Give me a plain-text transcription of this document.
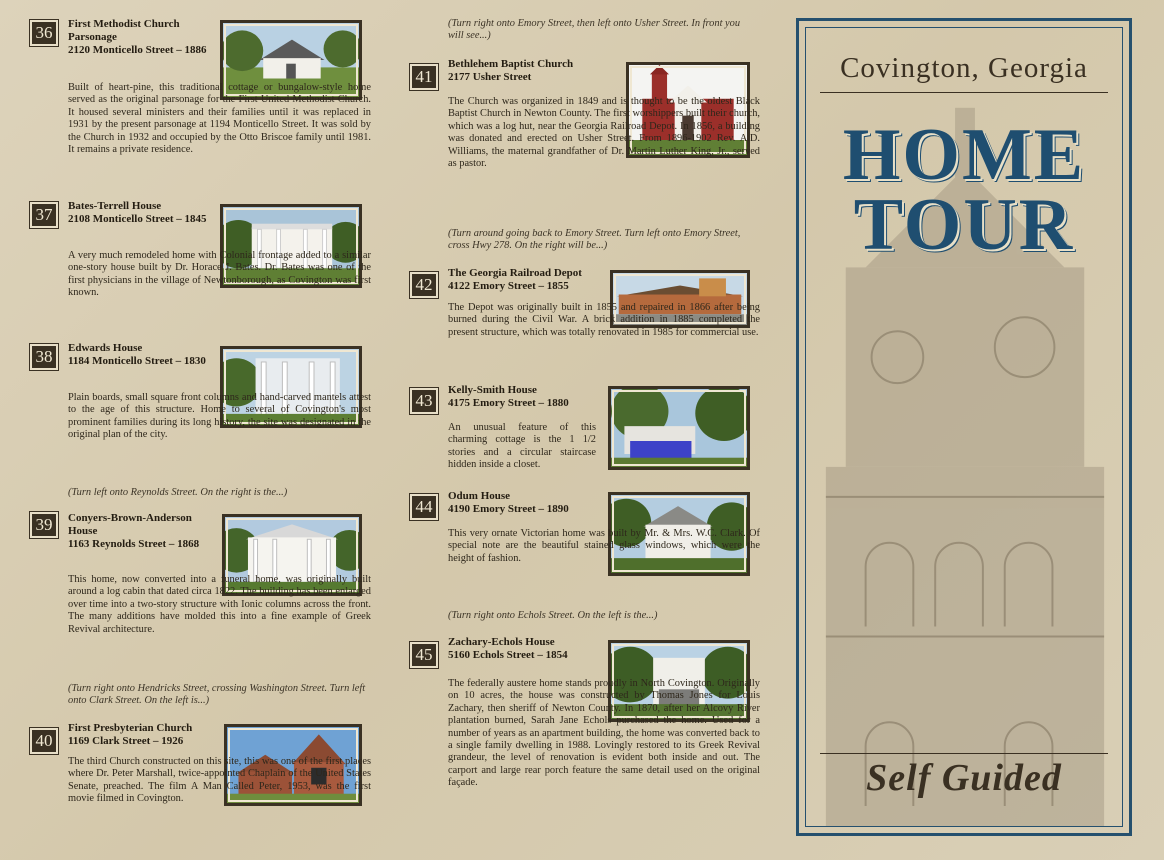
36	First Methodist Church Parsonage
2120 Monticello Street – 1886
Built of heart-pine, this traditional cottage or bungalow-style home served as the original parsonage for the First United Methodist Church. It housed several ministers and their families until it was replaced in 1931 by the present parsonage at 1194 Monticello Street. It was sold by the Church in 1932 and occupied by the Otto Briscoe family until 1981. It remains a private residence.
37	Bates-Terrell House
2108 Monticello Street – 1845
A very much remodeled home with Colonial frontage added to a similar one-story house built by Dr. Horace J. Bates. Dr. Bates was one of the first physicians in the village of Newtonborough, as Covington was first known.
38	Edwards House
1184 Monticello Street – 1830
Plain boards, small square front columns and hand-carved mantels attest to the age of this structure. Home to several of Covington's most prominent families during its long history, the site was designated in the original plan of the city.
(Turn left onto Reynolds Street. On the right is the...)
39	Conyers-Brown-Anderson House
1163 Reynolds Street – 1868
This home, now converted into a funeral home, was originally built around a log cabin that dated circa 1822. The building has been enlarged over time into a two-story structure with Ionic columns across the front. The many additions have molded this into a fine example of Greek Revival architecture.
(Turn right onto Hendricks Street, crossing Washington Street. Turn left onto Clark Street. On the left is...)
40
First Presbyterian Church
1169 Clark Street – 1926
The third Church constructed on this site, this was one of the first places where Dr. Peter Marshall, twice-appointed Chaplain of the United States Senate, preached. The film A Man Called Peter, 1953, was the first movie filmed in Covington.
(Turn right onto Emory Street, then left onto Usher Street. In front you will see...)
41
Bethlehem Baptist Church
2177 Usher Street
The Church was organized in 1849 and is thought to be the oldest Black Baptist Church in Newton County. The first worshippers built their church, which was a log hut, near the Georgia Railroad Depot. In 1856, a building was donated and erected on Usher Street. From 1896-1902 Rev. A.D. Williams, the maternal grandfather of Dr. Martin Luther King, Jr., served as pastor.
(Turn around going back to Emory Street. Turn left onto Emory Street, cross Hwy 278. On the right will be...)
42
The Georgia Railroad Depot
4122 Emory Street – 1855
The Depot was originally built in 1855 and repaired in 1866 after being burned during the Civil War. A brick addition in 1885 completed the present structure, which was totally renovated in 1985 for commercial use.
43
Kelly-Smith House
4175 Emory Street – 1880
An unusual feature of this charming cottage is the 1 1/2 stories and a circular staircase hidden inside a closet.
44
Odum House
4190 Emory Street – 1890
This very ornate Victorian home was built by Mr. & Mrs. W.C. Clark. Of special note are the beautiful stained glass windows, which were the height of fashion.
(Turn right onto Echols Street. On the left is the...)
45
Zachary-Echols House
5160 Echols Street – 1854
The federally austere home stands proudly in North Covington. Originally on 10 acres, the house was constructed by Thomas Jones for Louis Zachary, then sheriff of Newton County. In 1870, after her Alcovy River plantation burned, Sarah Jane Echols purchased the home. Used for a number of years as an apartment building, the home was converted back to a single family dwelling in 1988. Lovingly restored to its Greek Revival grandeur, the level of renovation is evident both inside and out. The carport and large rear porch feature the same detail used on the original façade.
Covington, Georgia
HOME
TOUR
Self Guided
